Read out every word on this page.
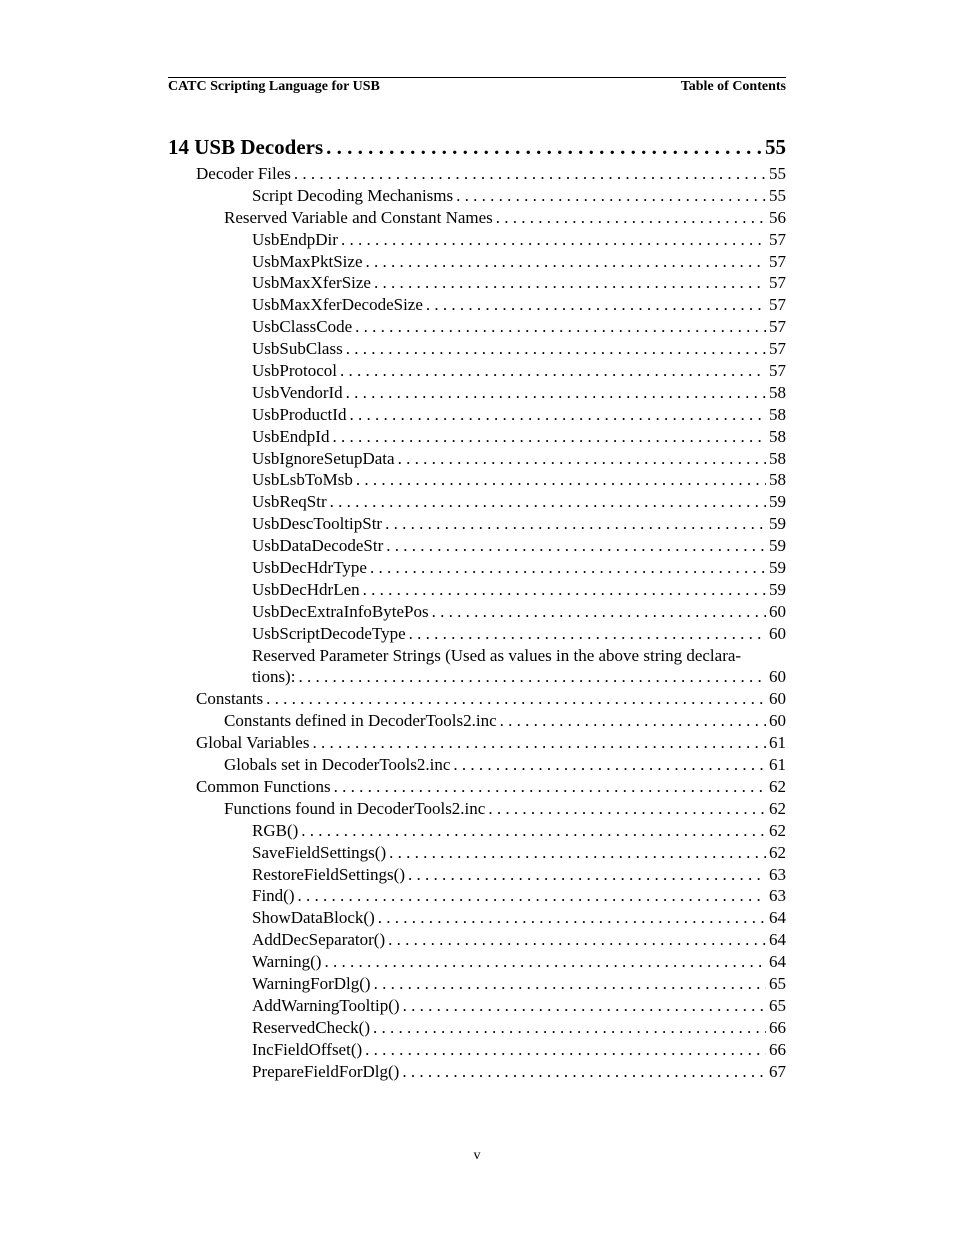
CATC Scripting Language for USB	Table of Contents
14 USB Decoders . . .	55
Decoder Files . . .	55
Script Decoding Mechanisms . . .	55
Reserved Variable and Constant Names . . .	56
UsbEndpDir . . .	57
UsbMaxPktSize . . .	57
UsbMaxXferSize . . .	57
UsbMaxXferDecodeSize . . .	57
UsbClassCode . . .	57
UsbSubClass . . .	57
UsbProtocol . . .	57
UsbVendorId . . .	58
UsbProductId . . .	58
UsbEndpId . . .	58
UsbIgnoreSetupData . . .	58
UsbLsbToMsb . . .	58
UsbReqStr . . .	59
UsbDescTooltipStr . . .	59
UsbDataDecodeStr . . .	59
UsbDecHdrType . . .	59
UsbDecHdrLen . . .	59
UsbDecExtraInfoBytePos . . .	60
UsbScriptDecodeType . . .	60
Reserved Parameter Strings (Used as values in the above string declara-
tions): . . .	60
Constants . . .	60
Constants defined in DecoderTools2.inc . . .	60
Global Variables . . .	61
Globals set in DecoderTools2.inc . . .	61
Common Functions . . .	62
Functions found in DecoderTools2.inc . . .	62
RGB() . . .	62
SaveFieldSettings() . . .	62
RestoreFieldSettings() . . .	63
Find() . . .	63
ShowDataBlock() . . .	64
AddDecSeparator() . . .	64
Warning() . . .	64
WarningForDlg() . . .	65
AddWarningTooltip() . . .	65
ReservedCheck() . . .	66
IncFieldOffset() . . .	66
PrepareFieldForDlg() . . .	67
v
